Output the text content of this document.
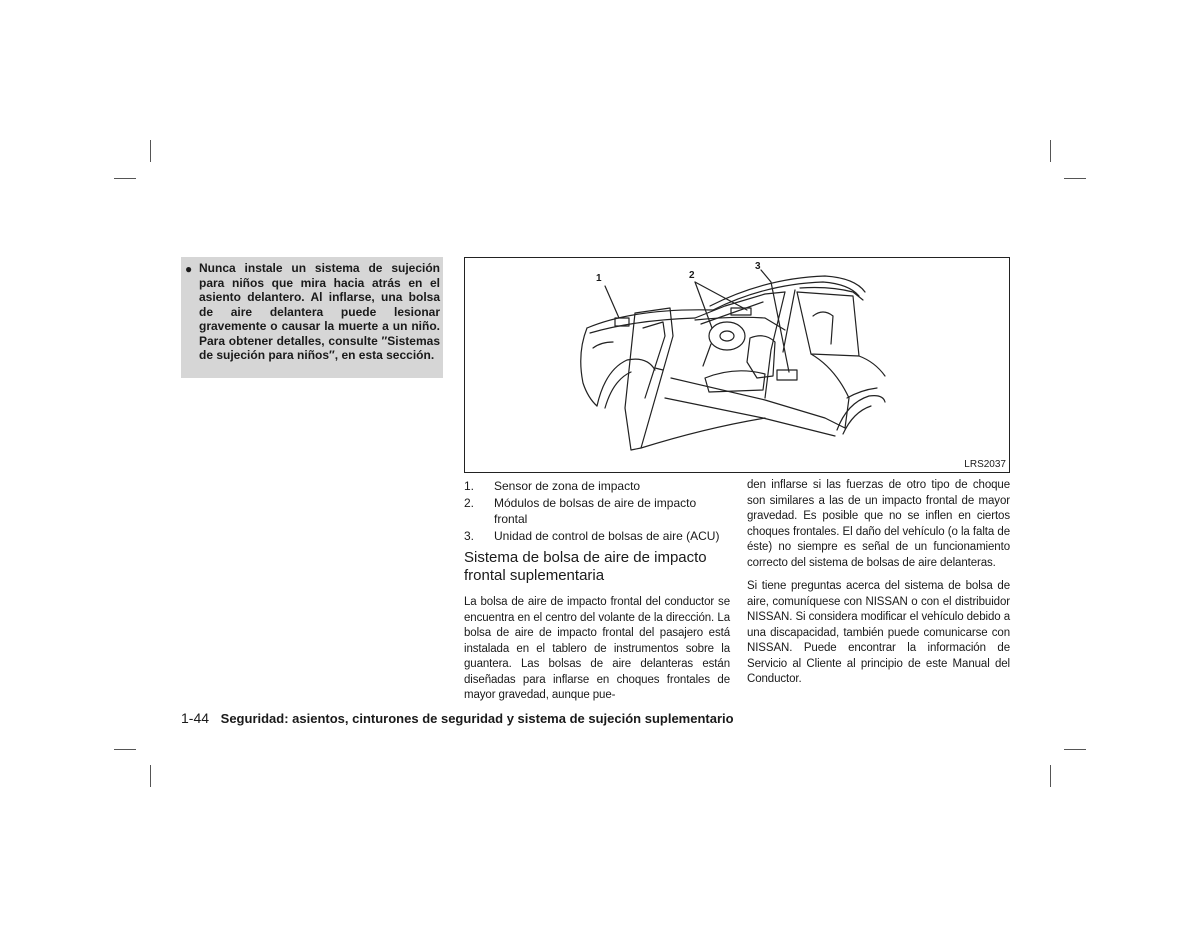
● Nunca instale un sistema de sujeción para niños que mira hacia atrás en el asiento delantero. Al inflarse, una bolsa de aire delantera puede lesionar gravemente o causar la muerte a un niño. Para obtener detalles, consulte ″Sistemas de sujeción para niños″, en esta sección.

1	2
3
LRS2037
1.	Sensor de zona de impacto
2.	Módulos de bolsas de aire de impacto frontal
3.	Unidad de control de bolsas de aire (ACU)
Sistema de bolsa de aire de impacto frontal suplementaria

La bolsa de aire de impacto frontal del conductor se encuentra en el centro del volante de la dirección. La bolsa de aire de impacto frontal del pasajero está instalada en el tablero de instrumentos sobre la guantera. Las bolsas de aire delanteras están diseñadas para inflarse en choques frontales de mayor gravedad, aunque pue-

den inflarse si las fuerzas de otro tipo de choque son similares a las de un impacto frontal de mayor gravedad. Es posible que no se inflen en ciertos choques frontales. El daño del vehículo (o la falta de éste) no siempre es señal de un funcionamiento correcto del sistema de bolsas de aire delanteras.

Si tiene preguntas acerca del sistema de bolsa de aire, comuníquese con NISSAN o con el distribuidor NISSAN. Si considera modificar el vehículo debido a una discapacidad, también puede comunicarse con NISSAN. Puede encontrar la información de Servicio al Cliente al principio de este Manual del Conductor.

1-44 Seguridad: asientos, cinturones de seguridad y sistema de sujeción suplementario
